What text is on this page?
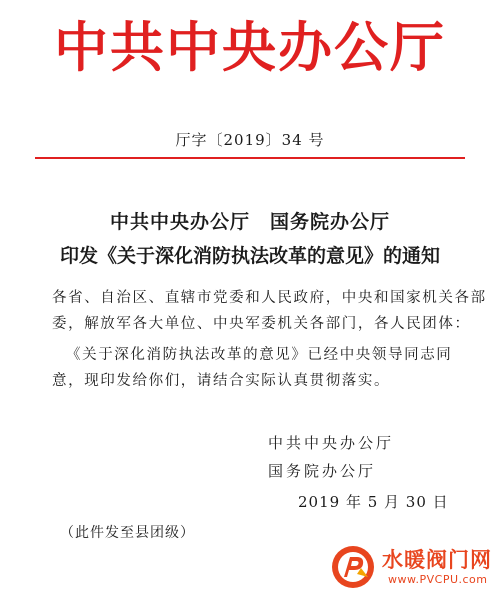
中共中央办公厅
厅字〔2019〕34 号
中共中央办公厅　国务院办公厅
印发《关于深化消防执法改革的意见》的通知
各省、自治区、直辖市党委和人民政府，中央和国家机关各部
委，解放军各大单位、中央军委机关各部门，各人民团体：
《关于深化消防执法改革的意见》已经中央领导同志同
意，现印发给你们，请结合实际认真贯彻落实。
中共中央办公厅
国务院办公厅
2019 年 5 月 30 日
（此件发至县团级）
水暖阀门网
www.PVCPU.com
